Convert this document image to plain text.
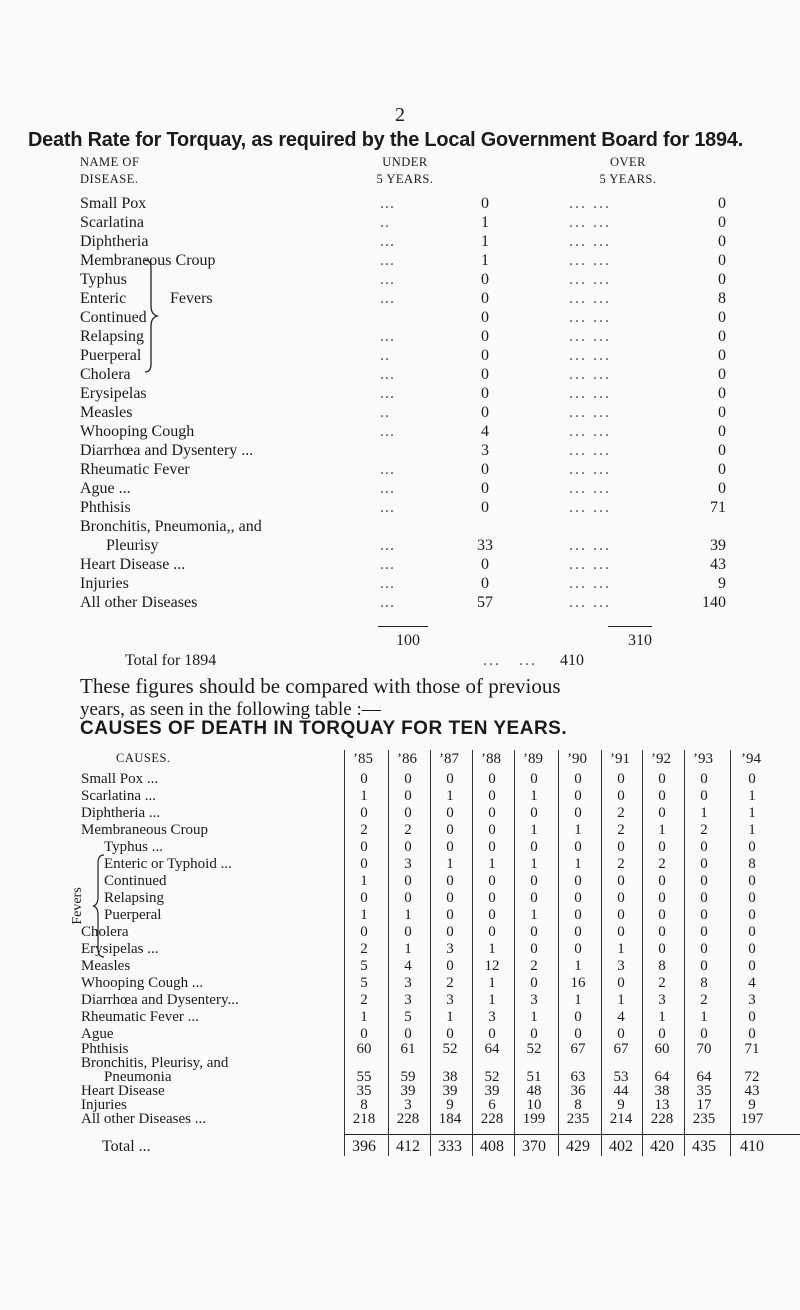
2
Death Rate for Torquay, as required by the Local Government Board for 1894.
NAME OF
DISEASE.
UNDER
5 YEARS.
OVER
5 YEARS.
Small Pox	...	0	... ...	0
Scarlatina	..	1	... ...	0
Diphtheria	...	1	... ...	0
Membraneous Croup	...	1	... ...	0
Typhus	...	0	... ...	0
Enteric	...	0	... ...	8
Continued	0	... ...	0
Relapsing	...	0	... ...	0
Puerperal	..	0	... ...	0
Cholera	...	0	... ...	0
Erysipelas	...	0	... ...	0
Measles	..	0	... ...	0
Whooping Cough	...	4	... ...	0
Diarrhœa and Dysentery ...	3	... ...	0
Rheumatic Fever	...	0	... ...	0
Ague ...	...	0	... ...	0
Phthisis	...	0	... ...	71
Bronchitis, Pneumonia,, and
Pleurisy	...	33	... ...	39
Heart Disease ...	...	0	... ...	43
Injuries	...	0	... ...	9
All other Diseases	...	57	... ...	140
Fevers
100	310
Total for 1894	...   ...	410
These figures should be compared with those of previous
years, as seen in the following table :—
CAUSES OF DEATH IN TORQUAY FOR TEN YEARS.
CAUSES.	’85	’86	’87	’88	’89	’90	’91	’92	’93	’94
Small Pox ...	0	0	0	0	0	0	0	0	0	0
Scarlatina ...	1	0	1	0	1	0	0	0	0	1
Diphtheria ...	0	0	0	0	0	0	2	0	1	1
Membraneous Croup	2	2	0	0	1	1	2	1	2	1
Typhus ...	0	0	0	0	0	0	0	0	0	0
Enteric or Typhoid ...	0	3	1	1	1	1	2	2	0	8
Continued	1	0	0	0	0	0	0	0	0	0
Relapsing	0	0	0	0	0	0	0	0	0	0
Puerperal	1	1	0	0	1	0	0	0	0	0
Cholera	0	0	0	0	0	0	0	0	0	0
Erysipelas ...	2	1	3	1	0	0	1	0	0	0
Measles	5	4	0	12	2	1	3	8	0	0
Whooping Cough ...	5	3	2	1	0	16	0	2	8	4
Diarrhœa and Dysentery...	2	3	3	1	3	1	1	3	2	3
Rheumatic Fever ...	1	5	1	3	1	0	4	1	1	0
Ague	0	0	0	0	0	0	0	0	0	0
Phthisis	60	61	52	64	52	67	67	60	70	71
Bronchitis, Pleurisy, and
Pneumonia	55	59	38	52	51	63	53	64	64	72
Heart Disease	35	39	39	39	48	36	44	38	35	43
Injuries	8	3	9	6	10	8	9	13	17	9
All other Diseases ...	218	228	184	228	199	235	214	228	235	197
Fevers
Total ...	396	412	333	408	370	429	402	420	435	410
